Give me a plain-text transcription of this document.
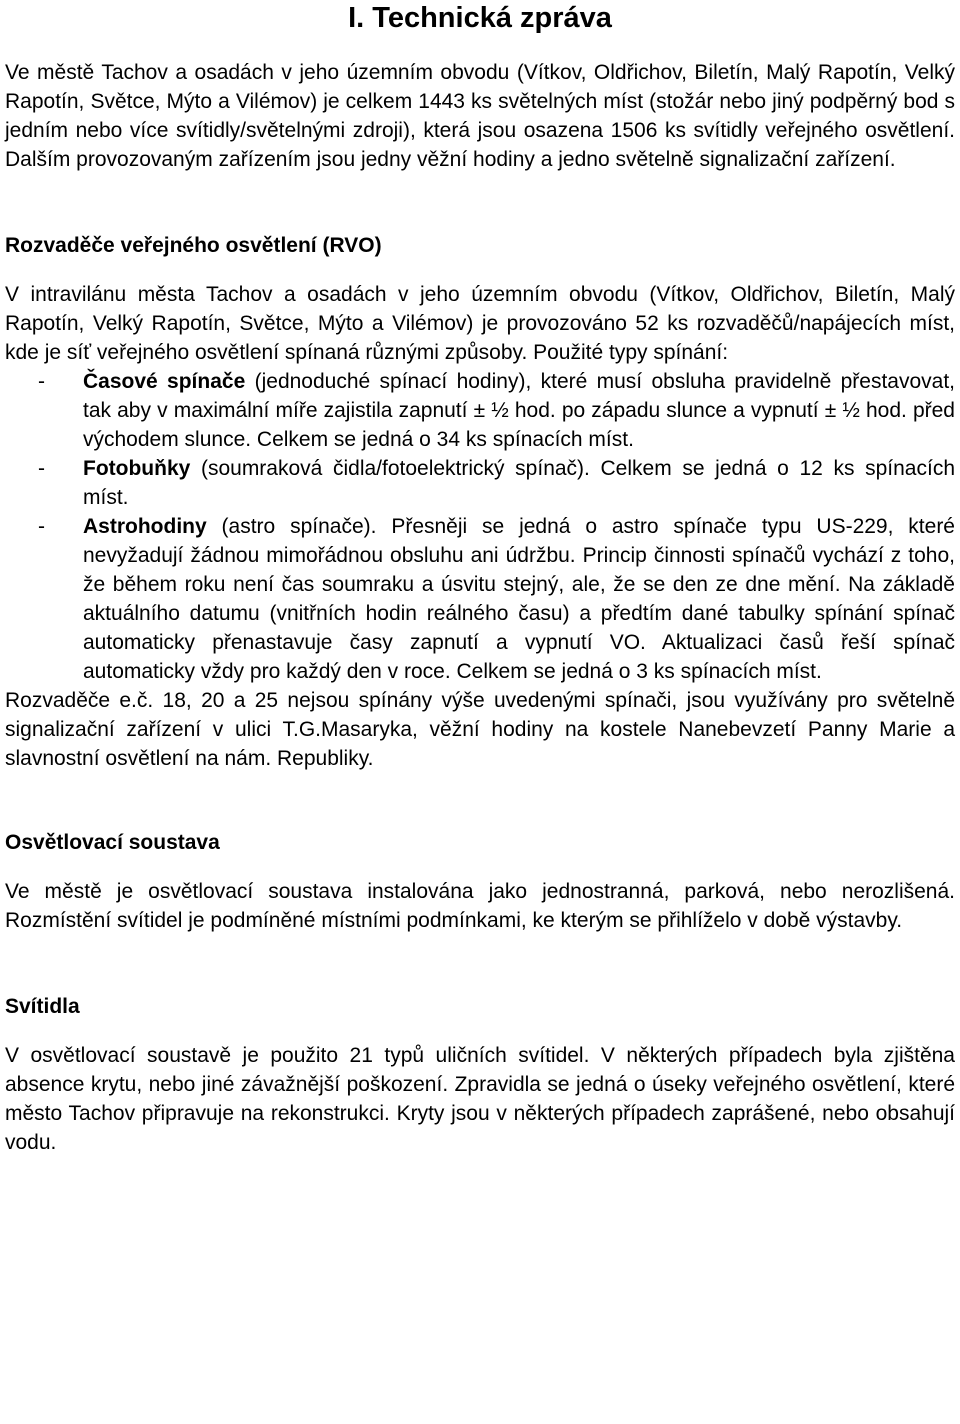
I. Technická zpráva

Ve městě Tachov a osadách v jeho územním obvodu (Vítkov, Oldřichov, Biletín, Malý Rapotín, Velký Rapotín, Světce, Mýto a Vilémov) je celkem 1443 ks světelných míst (stožár nebo jiný podpěrný bod s jedním nebo více svítidly/světelnými zdroji), která jsou osazena 1506 ks svítidly veřejného osvětlení. Dalším provozovaným zařízením jsou jedny věžní hodiny a jedno světelně signalizační zařízení.

Rozvaděče veřejného osvětlení (RVO)

V intravilánu města Tachov a osadách v jeho územním obvodu (Vítkov, Oldřichov, Biletín, Malý Rapotín, Velký Rapotín, Světce, Mýto a Vilémov) je provozováno 52 ks rozvaděčů/napájecích míst, kde je síť veřejného osvětlení spínaná různými způsoby. Použité typy spínání:

- Časové spínače (jednoduché spínací hodiny), které musí obsluha pravidelně přestavovat, tak aby v maximální míře zajistila zapnutí ± ½ hod. po západu slunce a vypnutí ± ½ hod. před východem slunce. Celkem se jedná o 34 ks spínacích míst.
- Fotobuňky (soumraková čidla/fotoelektrický spínač). Celkem se jedná o 12 ks spínacích míst.
- Astrohodiny (astro spínače). Přesněji se jedná o astro spínače typu US-229, které nevyžadují žádnou mimořádnou obsluhu ani údržbu. Princip činnosti spínačů vychází z toho, že během roku není čas soumraku a úsvitu stejný, ale, že se den ze dne mění. Na základě aktuálního datumu (vnitřních hodin reálného času) a předtím dané tabulky spínání spínač automaticky přenastavuje časy zapnutí a vypnutí VO. Aktualizaci časů řeší spínač automaticky vždy pro každý den v roce. Celkem se jedná o 3 ks spínacích míst.

Rozvaděče e.č. 18, 20 a 25 nejsou spínány výše uvedenými spínači, jsou využívány pro světelně signalizační zařízení v ulici T.G.Masaryka, věžní hodiny na kostele Nanebevzetí Panny Marie a slavnostní osvětlení na nám. Republiky.

Osvětlovací soustava

Ve městě je osvětlovací soustava instalována jako jednostranná, parková, nebo nerozlišená. Rozmístění svítidel je podmíněné místními podmínkami, ke kterým se přihlíželo v době výstavby.

Svítidla

V osvětlovací soustavě je použito 21 typů uličních svítidel. V některých případech byla zjištěna absence krytu, nebo jiné závažnější poškození. Zpravidla se jedná o úseky veřejného osvětlení, které město Tachov připravuje na rekonstrukci. Kryty jsou v některých případech zaprášené, nebo obsahují vodu.
